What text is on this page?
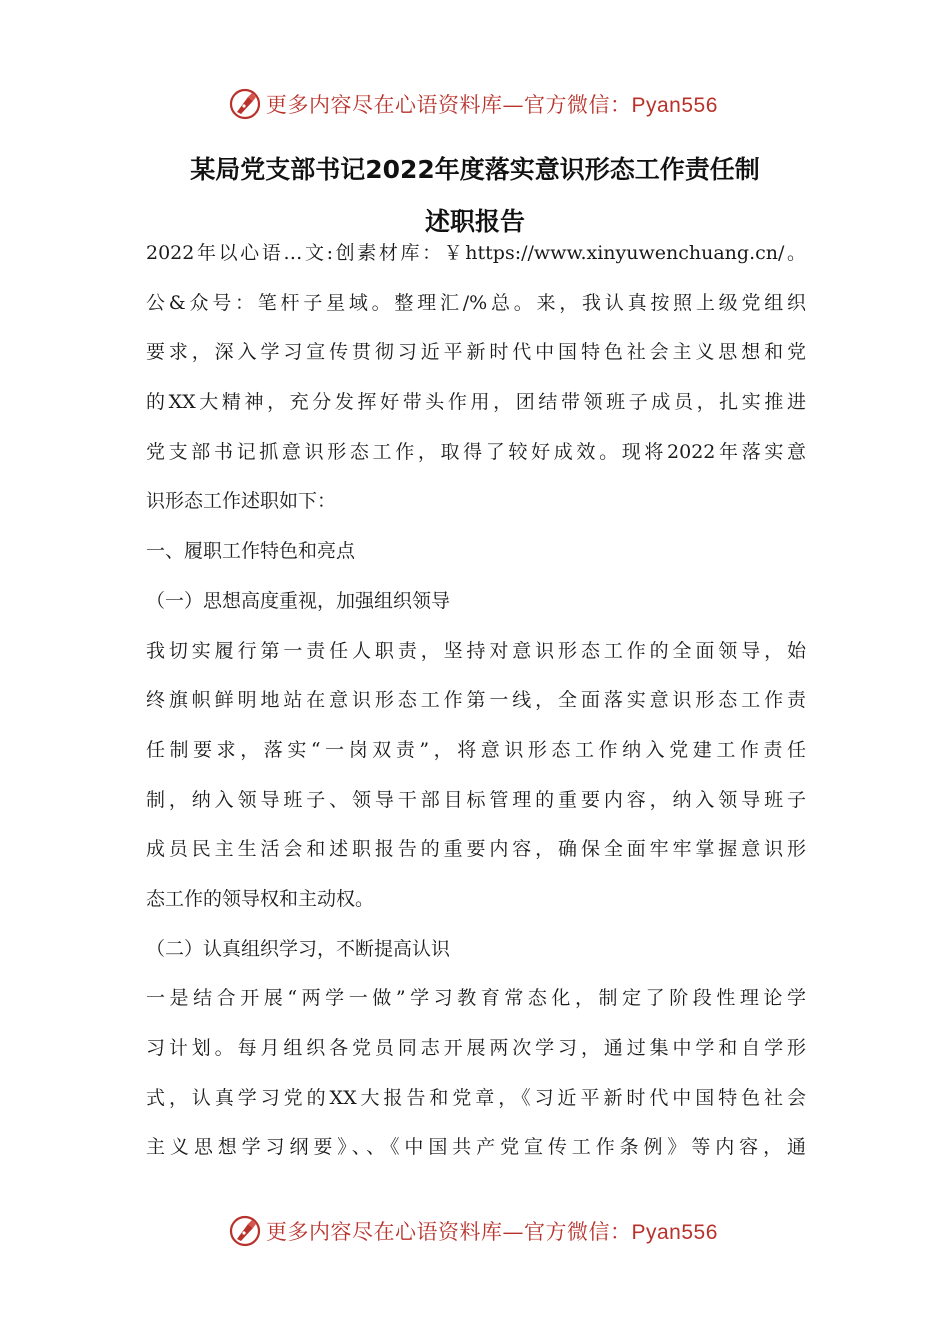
更多内容尽在心语资料库—官方微信：Pyan556
某局党支部书记2022年度落实意识形态工作责任制
述职报告
2022年以心语…文:创素材库：￥https://www.xinyuwenchuang.cn/。
公&众号：笔杆子星域。整理汇/%总。来，我认真按照上级党组织
要求，深入学习宣传贯彻习近平新时代中国特色社会主义思想和党
的XX大精神，充分发挥好带头作用，团结带领班子成员，扎实推进
党支部书记抓意识形态工作，取得了较好成效。现将2022年落实意
识形态工作述职如下：
一、履职工作特色和亮点
（一）思想高度重视，加强组织领导
我切实履行第一责任人职责，坚持对意识形态工作的全面领导，始
终旗帜鲜明地站在意识形态工作第一线，全面落实意识形态工作责
任制要求，落实“一岗双责”，将意识形态工作纳入党建工作责任
制，纳入领导班子、领导干部目标管理的重要内容，纳入领导班子
成员民主生活会和述职报告的重要内容，确保全面牢牢掌握意识形
态工作的领导权和主动权。
（二）认真组织学习，不断提高认识
一是结合开展“两学一做”学习教育常态化，制定了阶段性理论学
习计划。每月组织各党员同志开展两次学习，通过集中学和自学形
式，认真学习党的XX大报告和党章，《习近平新时代中国特色社会
主义思想学习纲要》、、《中国共产党宣传工作条例》等内容，通
更多内容尽在心语资料库—官方微信：Pyan556
